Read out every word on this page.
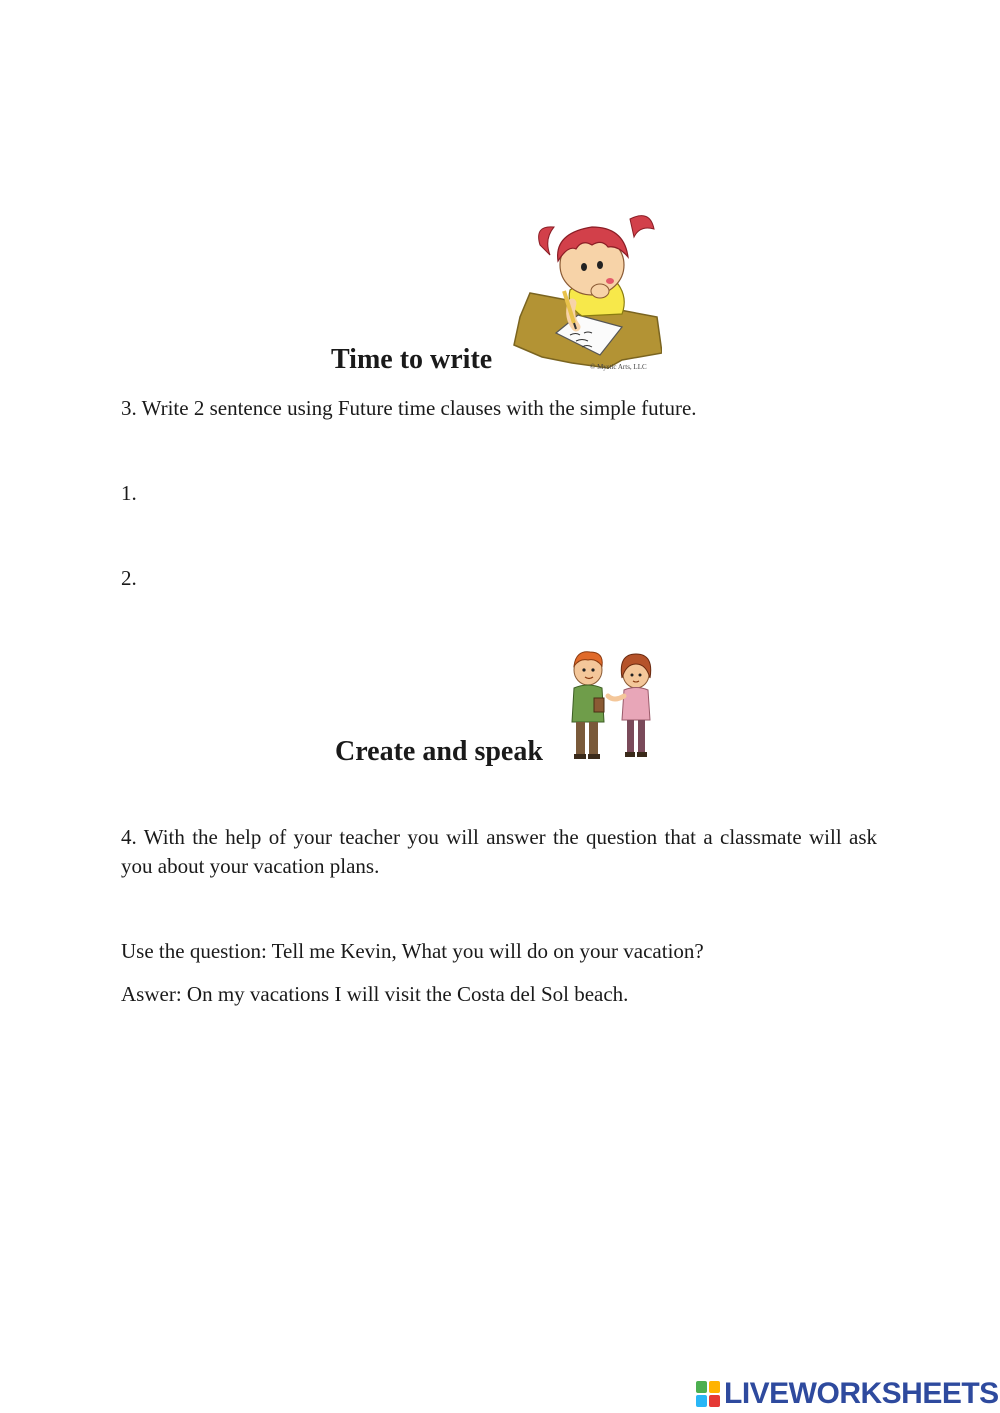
Time to write	© Mystic Arts, LLC
3. Write 2 sentence using Future time clauses with the simple future.
1.
2.
Create and speak
4. With the help of your teacher you will answer the question that a classmate will ask you about your vacation plans.
Use the question: Tell me Kevin, What you will do on your vacation?
Aswer: On my vacations I will visit the Costa del Sol beach.
LIVEWORKSHEETS
